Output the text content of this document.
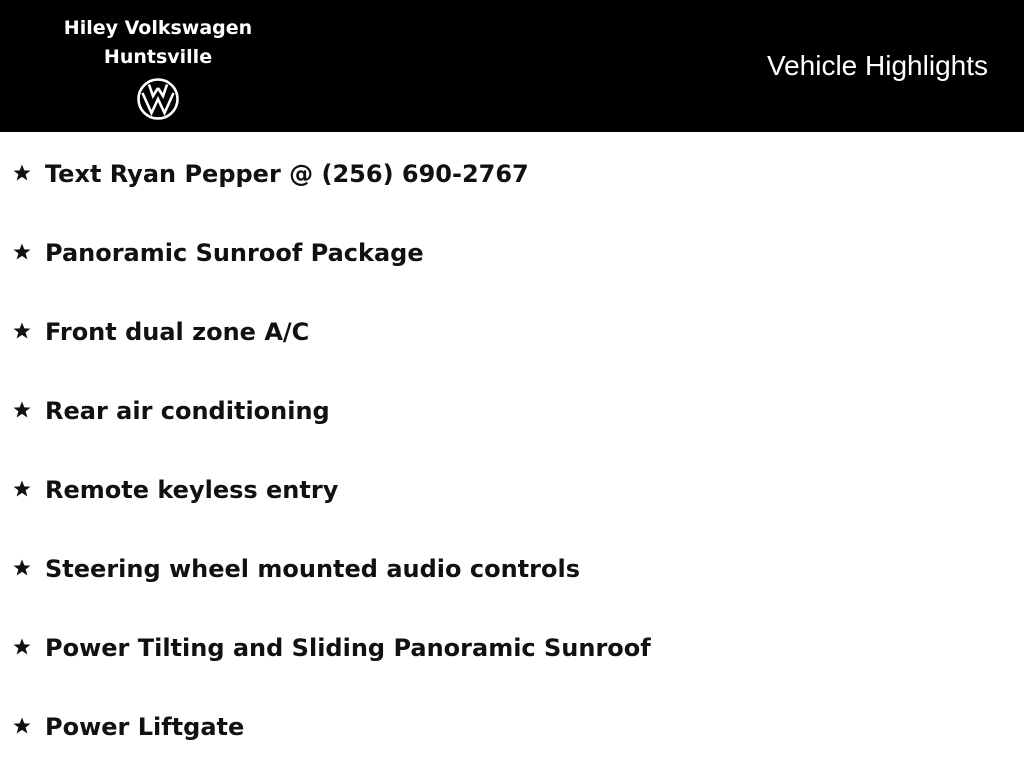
Hiley Volkswagen
Huntsville	Vehicle Highlights
Text Ryan Pepper @ (256) 690-2767
Panoramic Sunroof Package
Front dual zone A/C
Rear air conditioning
Remote keyless entry
Steering wheel mounted audio controls
Power Tilting and Sliding Panoramic Sunroof
Power Liftgate
